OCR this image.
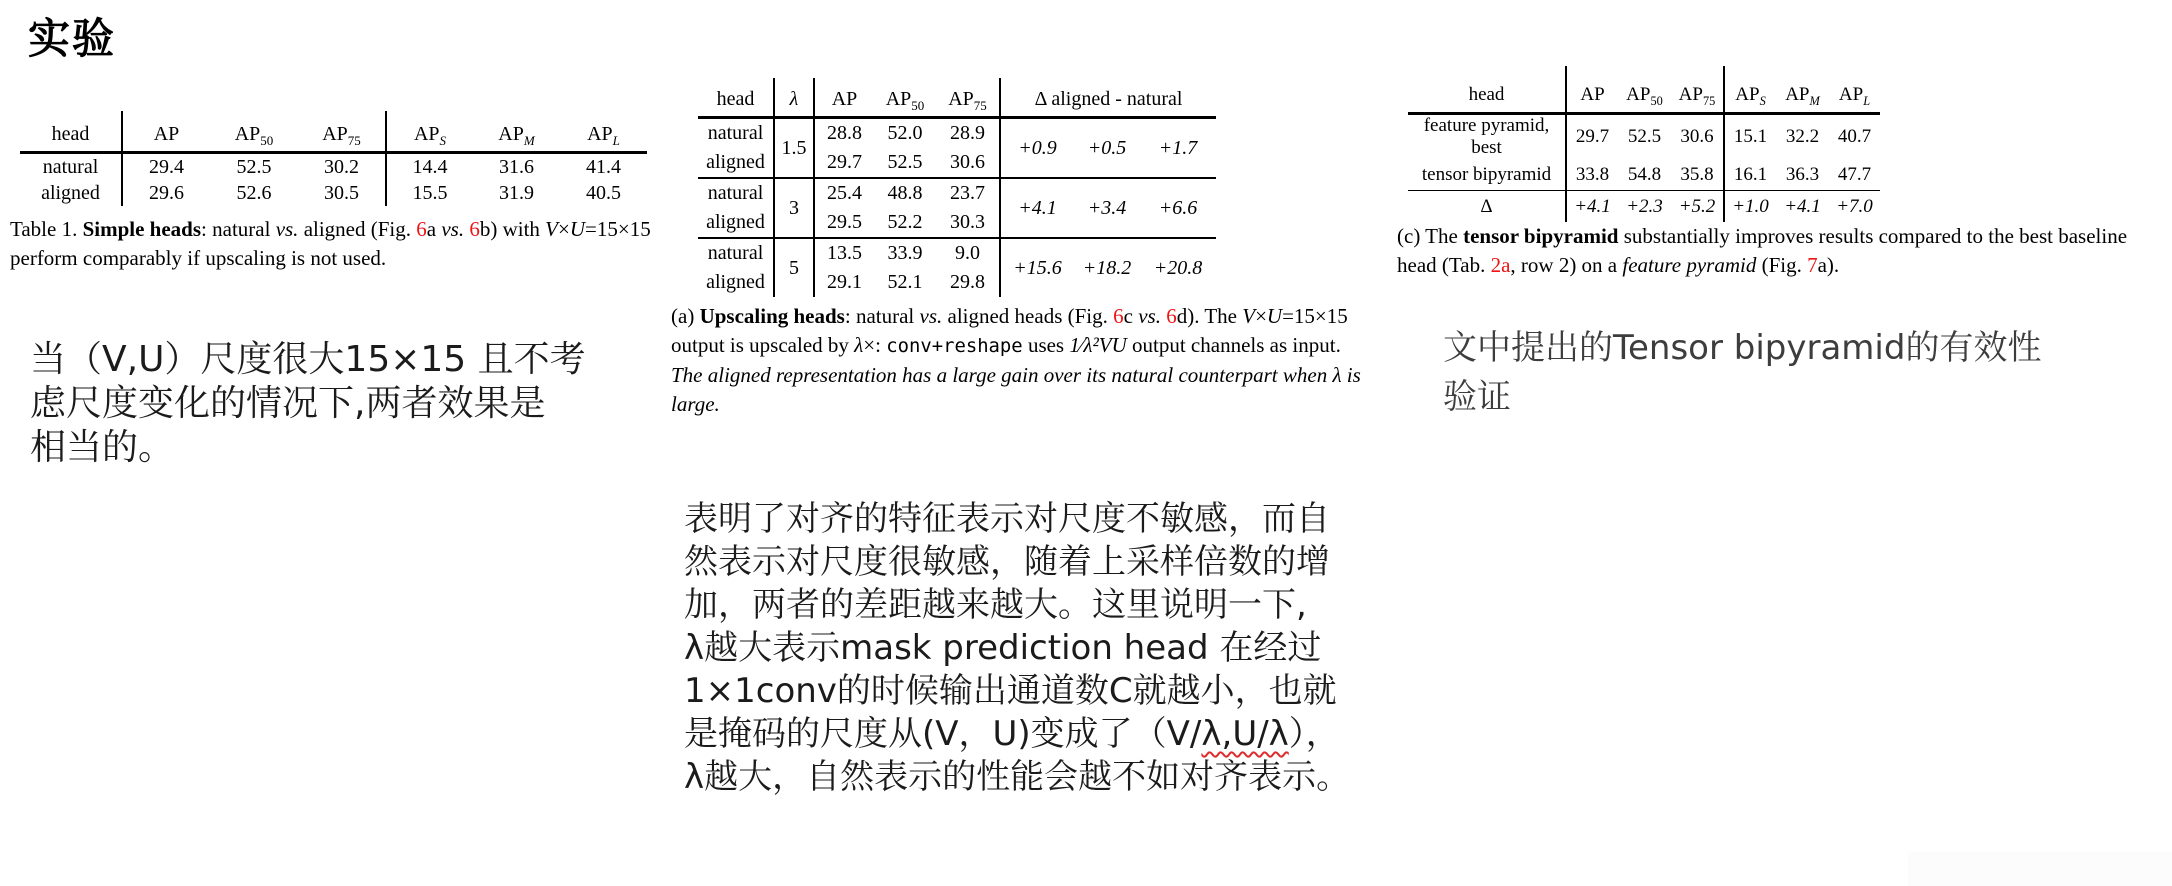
实验
head	AP	$AP_{50}$	$AP_{75}$	$AP_S$	$AP_M$	$AP_L$
natural	29.4	52.5	30.2	14.4	31.6	41.4
aligned	29.6	52.6	30.5	15.5	31.9	40.5
Table 1. Simple heads: natural vs. aligned (Fig. 6a vs. 6b) with V×U=15×15 perform comparably if upscaling is not used.
head	λ	AP	$AP_{50}$	$AP_{75}$	Δ aligned - natural		
natural	1.5	28.8	52.0	28.9	+0.9	+0.5	+1.7
aligned		29.7	52.5	30.6			
natural	3	25.4	48.8	23.7	+4.1	+3.4	+6.6
aligned		29.5	52.2	30.3			
natural	5	13.5	33.9	9.0	+15.6	+18.2	+20.8
aligned		29.1	52.1	29.8			
(a) Upscaling heads: natural vs. aligned heads (Fig. 6c vs. 6d). The V×U=15×15 output is upscaled by λ×: conv+reshape uses 1⁄λ²VU output channels as input. The aligned representation has a large gain over its natural counterpart when λ is large.
head	AP	$AP_{50}$	$AP_{75}$	$AP_S$	$AP_M$	$AP_L$
feature pyramid, best	29.7	52.5	30.6	15.1	32.2	40.7
tensor bipyramid	33.8	54.8	35.8	16.1	36.3	47.7
Δ	+4.1	+2.3	+5.2	+1.0	+4.1	+7.0
(c) The tensor bipyramid substantially improves results compared to the best baseline head (Tab. 2a, row 2) on a feature pyramid (Fig. 7a).
当（V,U）尺度很大15×15 且不考
虑尺度变化的情况下,两者效果是
相当的。
表明了对齐的特征表示对尺度不敏感，而自
然表示对尺度很敏感，随着上采样倍数的增
加，两者的差距越来越大。这里说明一下,
λ越大表示mask prediction head 在经过
1×1conv的时候输出通道数C就越小，也就
是掩码的尺度从(V，U)变成了（V/λ,U/λ），
λ越大，自然表示的性能会越不如对齐表示。
文中提出的Tensor bipyramid的有效性
验证
